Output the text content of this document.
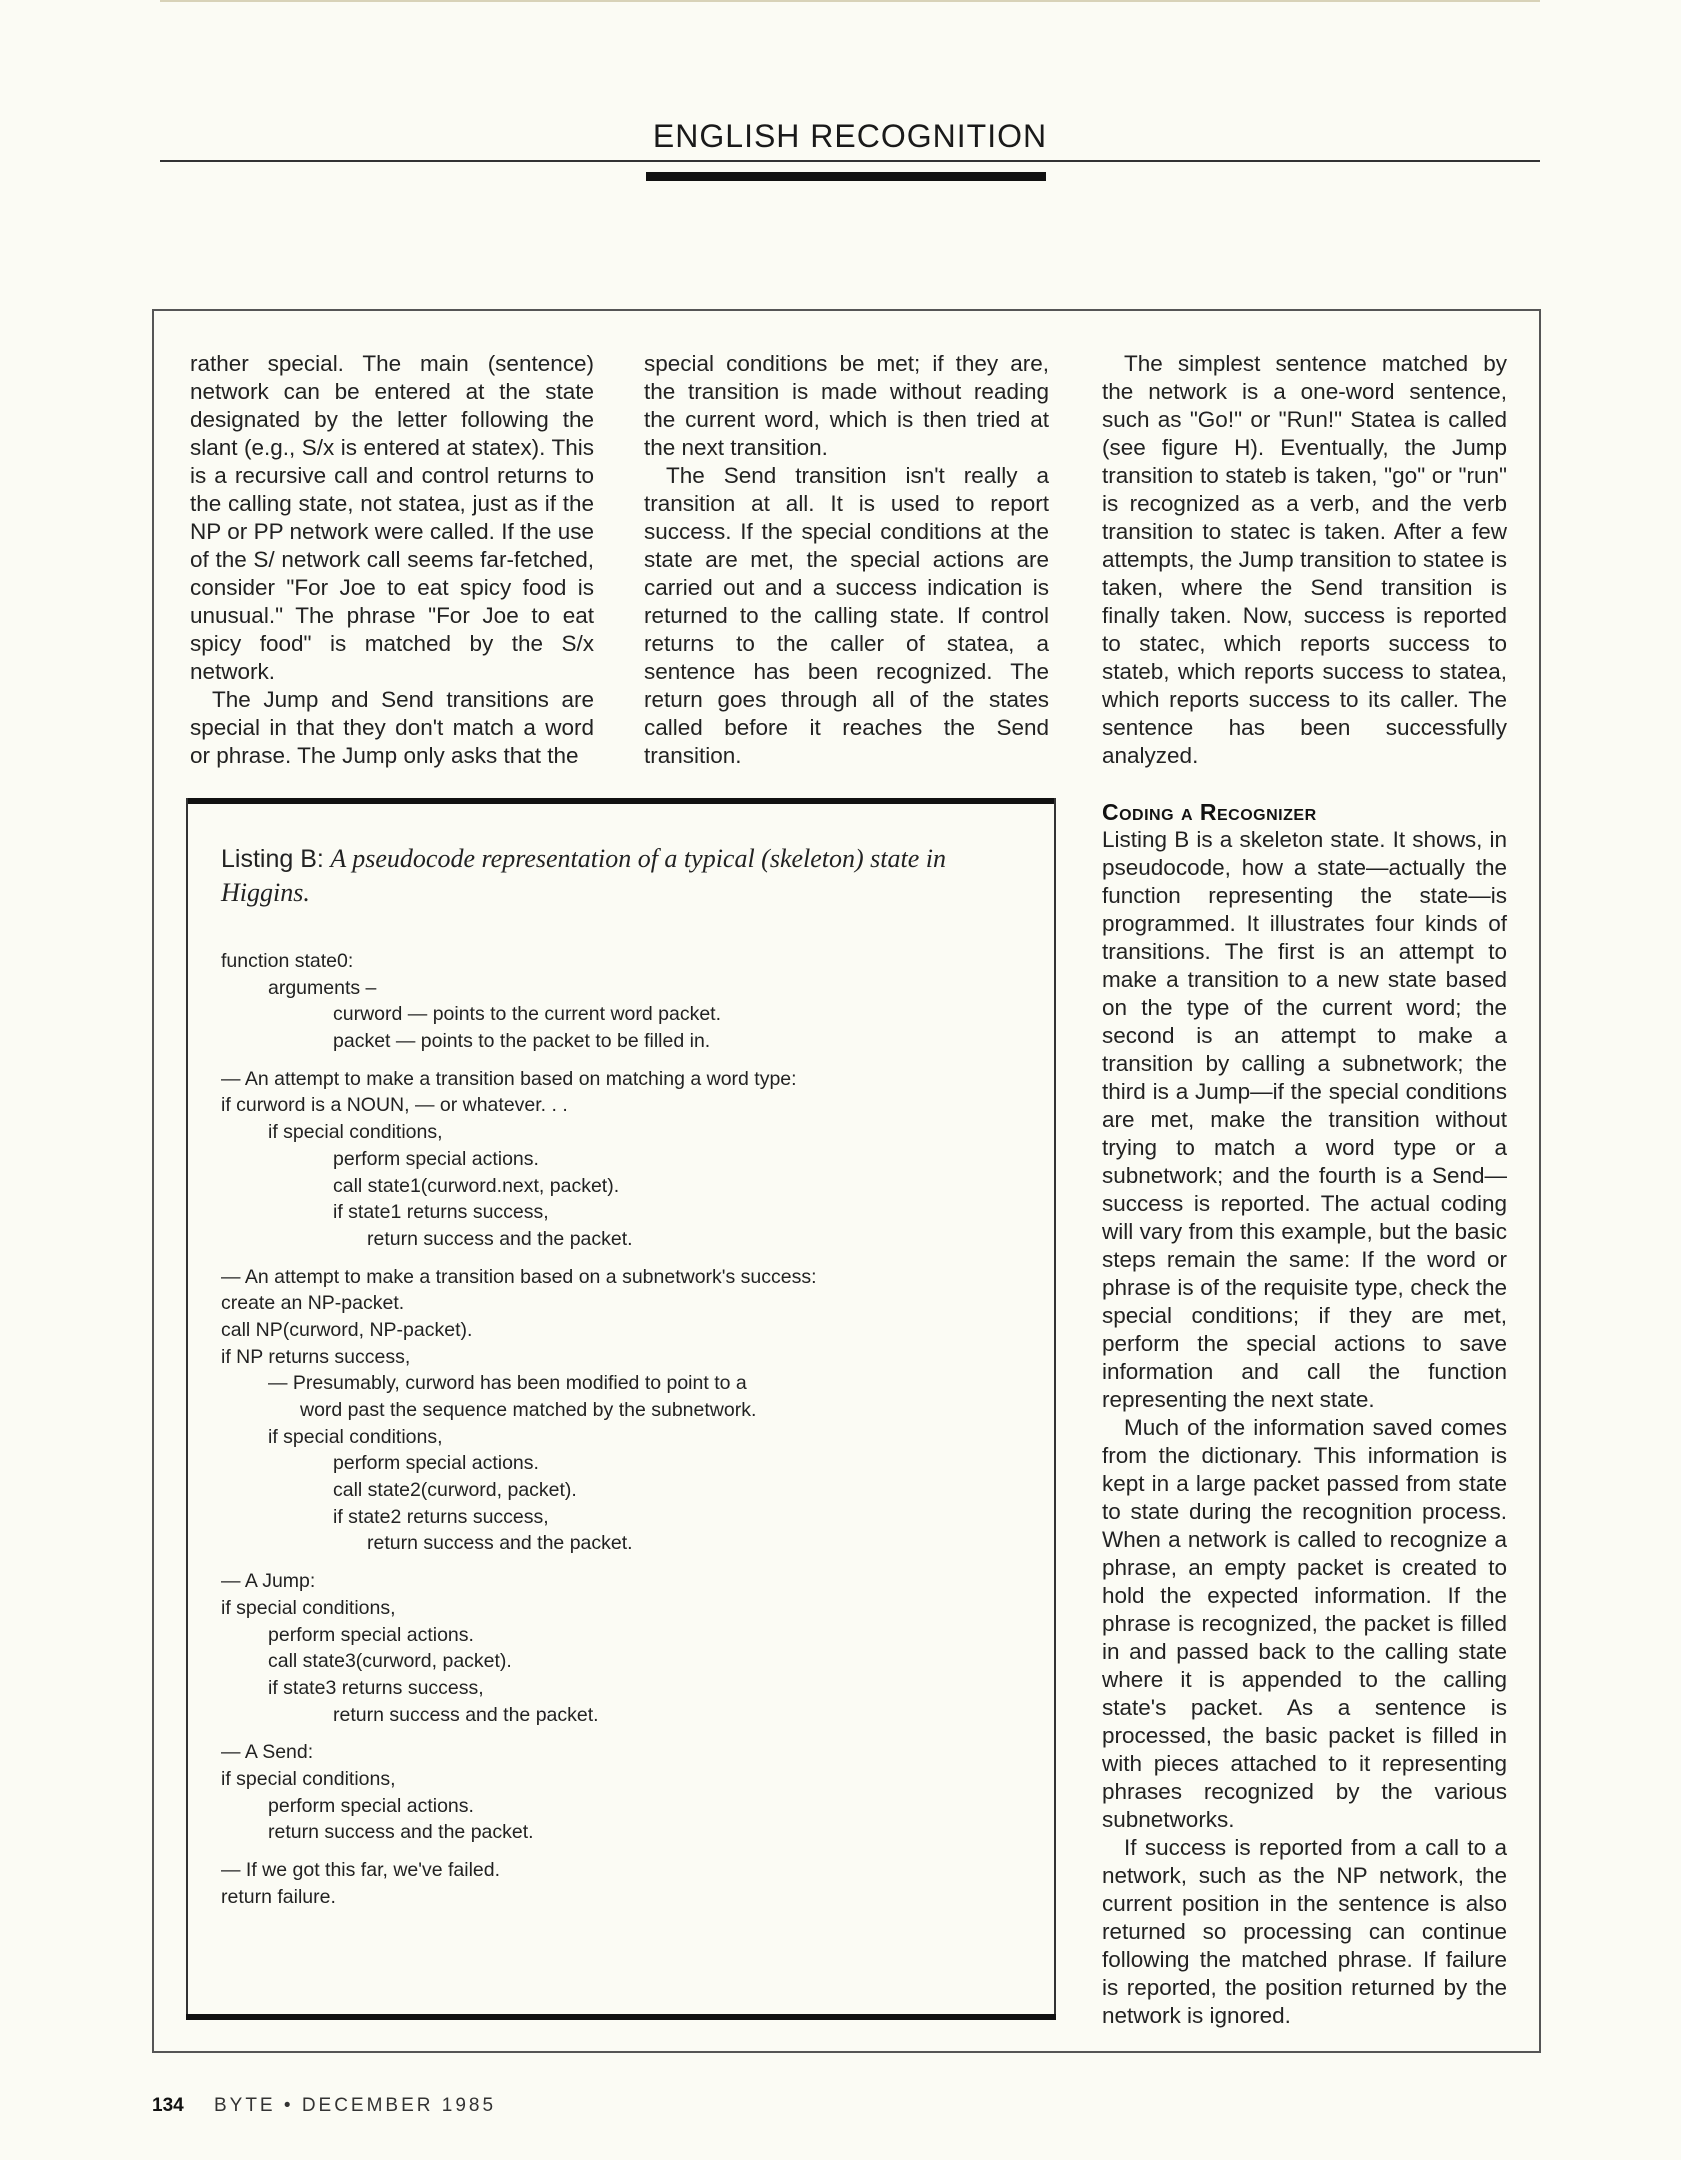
ENGLISH RECOGNITION

rather special. The main (sentence) network can be entered at the state designated by the letter following the slant (e.g., S/x is entered at statex). This is a recursive call and control returns to the calling state, not statea, just as if the NP or PP network were called. If the use of the S/ network call seems far-fetched, consider "For Joe to eat spicy food is unusual." The phrase "For Joe to eat spicy food" is matched by the S/x network.

The Jump and Send transitions are special in that they don't match a word or phrase. The Jump only asks that the

special conditions be met; if they are, the transition is made without reading the current word, which is then tried at the next transition.

The Send transition isn't really a transition at all. It is used to report success. If the special conditions at the state are met, the special actions are carried out and a success indication is returned to the calling state. If control returns to the caller of statea, a sentence has been recognized. The return goes through all of the states called before it reaches the Send transition.

The simplest sentence matched by the network is a one-word sentence, such as "Go!" or "Run!" Statea is called (see figure H). Eventually, the Jump transition to stateb is taken, "go" or "run" is recognized as a verb, and the verb transition to statec is taken. After a few attempts, the Jump transition to statee is taken, where the Send transition is finally taken. Now, success is reported to statec, which reports success to stateb, which reports success to statea, which reports success to its caller. The sentence has been successfully analyzed.

Coding a Recognizer

Listing B is a skeleton state. It shows, in pseudocode, how a state—actually the function representing the state—is programmed. It illustrates four kinds of transitions. The first is an attempt to make a transition to a new state based on the type of the current word; the second is an attempt to make a transition by calling a subnetwork; the third is a Jump—if the special conditions are met, make the transition without trying to match a word type or a subnetwork; and the fourth is a Send—success is reported. The actual coding will vary from this example, but the basic steps remain the same: If the word or phrase is of the requisite type, check the special conditions; if they are met, perform the special actions to save information and call the function representing the next state.

Much of the information saved comes from the dictionary. This information is kept in a large packet passed from state to state during the recognition process. When a network is called to recognize a phrase, an empty packet is created to hold the expected information. If the phrase is recognized, the packet is filled in and passed back to the calling state where it is appended to the calling state's packet. As a sentence is processed, the basic packet is filled in with pieces attached to it representing phrases recognized by the various subnetworks.

If success is reported from a call to a network, such as the NP network, the current position in the sentence is also returned so processing can continue following the matched phrase. If failure is reported, the position returned by the network is ignored.

Listing B: A pseudocode representation of a typical (skeleton) state in Higgins.

function state0:
arguments –
curword — points to the current word packet.
packet — points to the packet to be filled in.
— An attempt to make a transition based on matching a word type:
if curword is a NOUN, — or whatever. . .
if special conditions,
perform special actions.
call state1(curword.next, packet).
if state1 returns success,
return success and the packet.
— An attempt to make a transition based on a subnetwork's success:
create an NP-packet.
call NP(curword, NP-packet).
if NP returns success,
— Presumably, curword has been modified to point to a
word past the sequence matched by the subnetwork.
if special conditions,
perform special actions.
call state2(curword, packet).
if state2 returns success,
return success and the packet.
— A Jump:
if special conditions,
perform special actions.
call state3(curword, packet).
if state3 returns success,
return success and the packet.
— A Send:
if special conditions,
perform special actions.
return success and the packet.
— If we got this far, we've failed.
return failure.

134 BYTE • DECEMBER 1985
